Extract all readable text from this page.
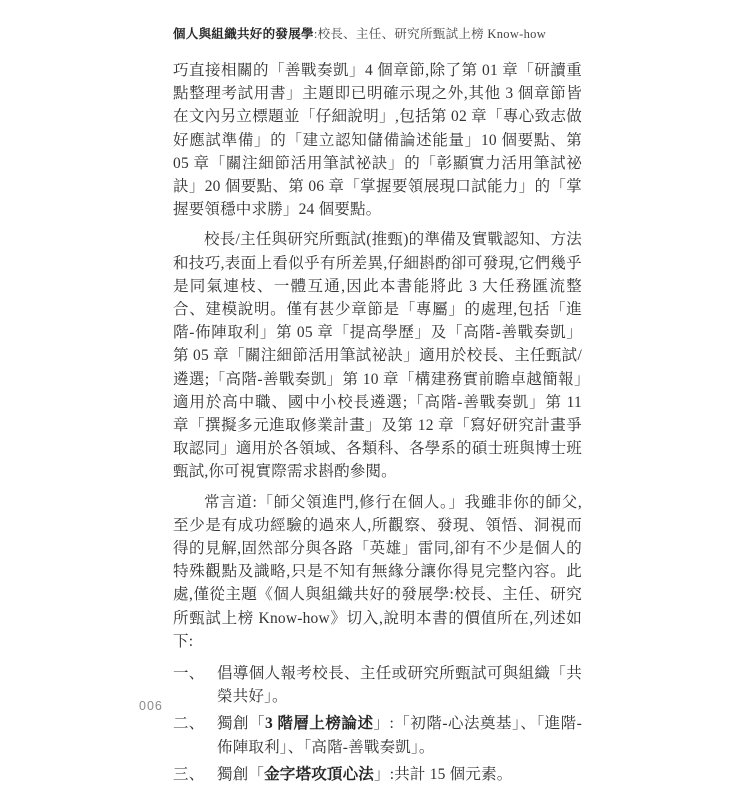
個人與組織共好的發展學:校長、主任、研究所甄試上榜 Know-how

巧直接相關的「善戰奏凱」4 個章節,除了第 01 章「研讀重點整理考試用書」主題即已明確示現之外,其他 3 個章節皆在文內另立標題並「仔細說明」,包括第 02 章「專心致志做好應試準備」的「建立認知儲備論述能量」10 個要點、第 05 章「關注細節活用筆試祕訣」的「彰顯實力活用筆試祕訣」20 個要點、第 06 章「掌握要領展現口試能力」的「掌握要領穩中求勝」24 個要點。

校長/主任與研究所甄試(推甄)的準備及實戰認知、方法和技巧,表面上看似乎有所差異,仔細斟酌卻可發現,它們幾乎是同氣連枝、一體互通,因此本書能將此 3 大任務匯流整合、建模說明。僅有甚少章節是「專屬」的處理,包括「進階-佈陣取利」第 05 章「提高學歷」及「高階-善戰奏凱」第 05 章「關注細節活用筆試祕訣」適用於校長、主任甄試/遴選;「高階-善戰奏凱」第 10 章「構建務實前瞻卓越簡報」適用於高中職、國中小校長遴選;「高階-善戰奏凱」第 11 章「撰擬多元進取修業計畫」及第 12 章「寫好研究計畫爭取認同」適用於各領域、各類科、各學系的碩士班與博士班甄試,你可視實際需求斟酌參閱。

常言道:「師父領進門,修行在個人。」我雖非你的師父,至少是有成功經驗的過來人,所觀察、發現、領悟、洞視而得的見解,固然部分與各路「英雄」雷同,卻有不少是個人的特殊觀點及識略,只是不知有無緣分讓你得見完整內容。此處,僅從主題《個人與組織共好的發展學:校長、主任、研究所甄試上榜 Know-how》切入,說明本書的價值所在,列述如下:

一、 倡導個人報考校長、主任或研究所甄試可與組織「共榮共好」。
二、 獨創「3 階層上榜論述」:「初階-心法奠基」、「進階-佈陣取利」、「高階-善戰奏凱」。
三、 獨創「金字塔攻頂心法」:共計 15 個元素。
006
